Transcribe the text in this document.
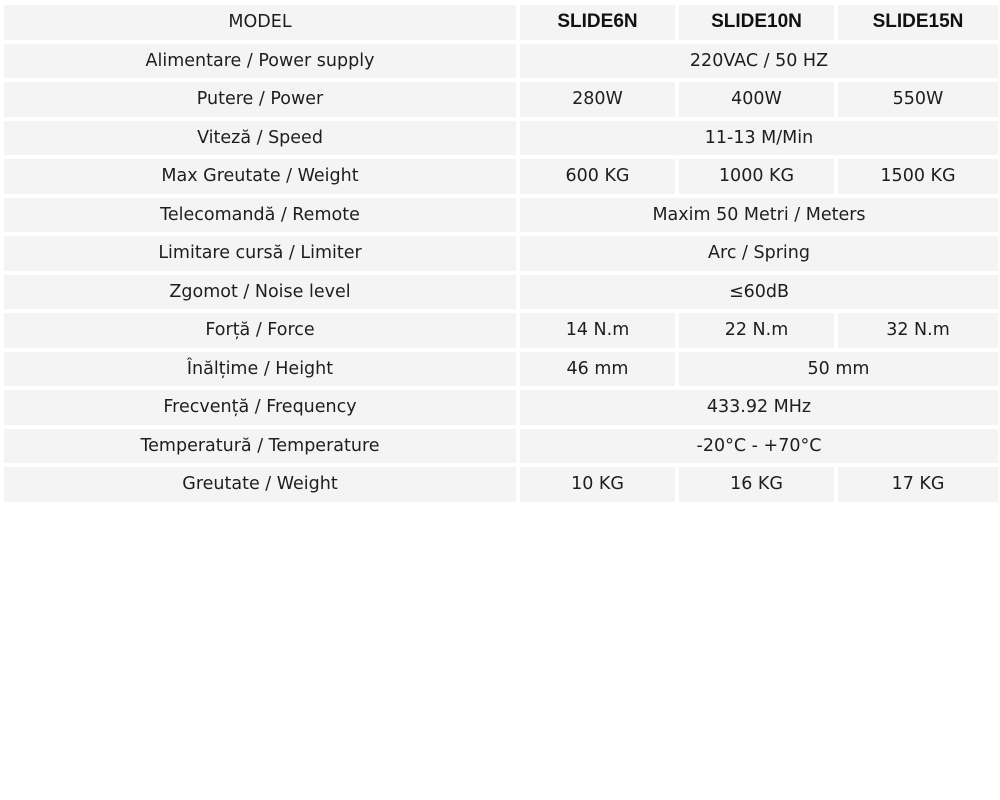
MODEL	SLIDE6N	SLIDE10N	SLIDE15N
Alimentare / Power supply	220VAC / 50 HZ		
Putere / Power	280W	400W	550W
Viteză / Speed	11-13 M/Min		
Max Greutate / Weight	600 KG	1000 KG	1500 KG
Telecomandă / Remote	Maxim 50 Metri / Meters		
Limitare cursă / Limiter	Arc / Spring		
Zgomot / Noise level	≤60dB		
Forță / Force	14 N.m	22 N.m	32 N.m
Înălțime / Height	46 mm	50 mm	
Frecvență / Frequency	433.92 MHz		
Temperatură / Temperature	-20°C - +70°C		
Greutate / Weight	10 KG	16 KG	17 KG
